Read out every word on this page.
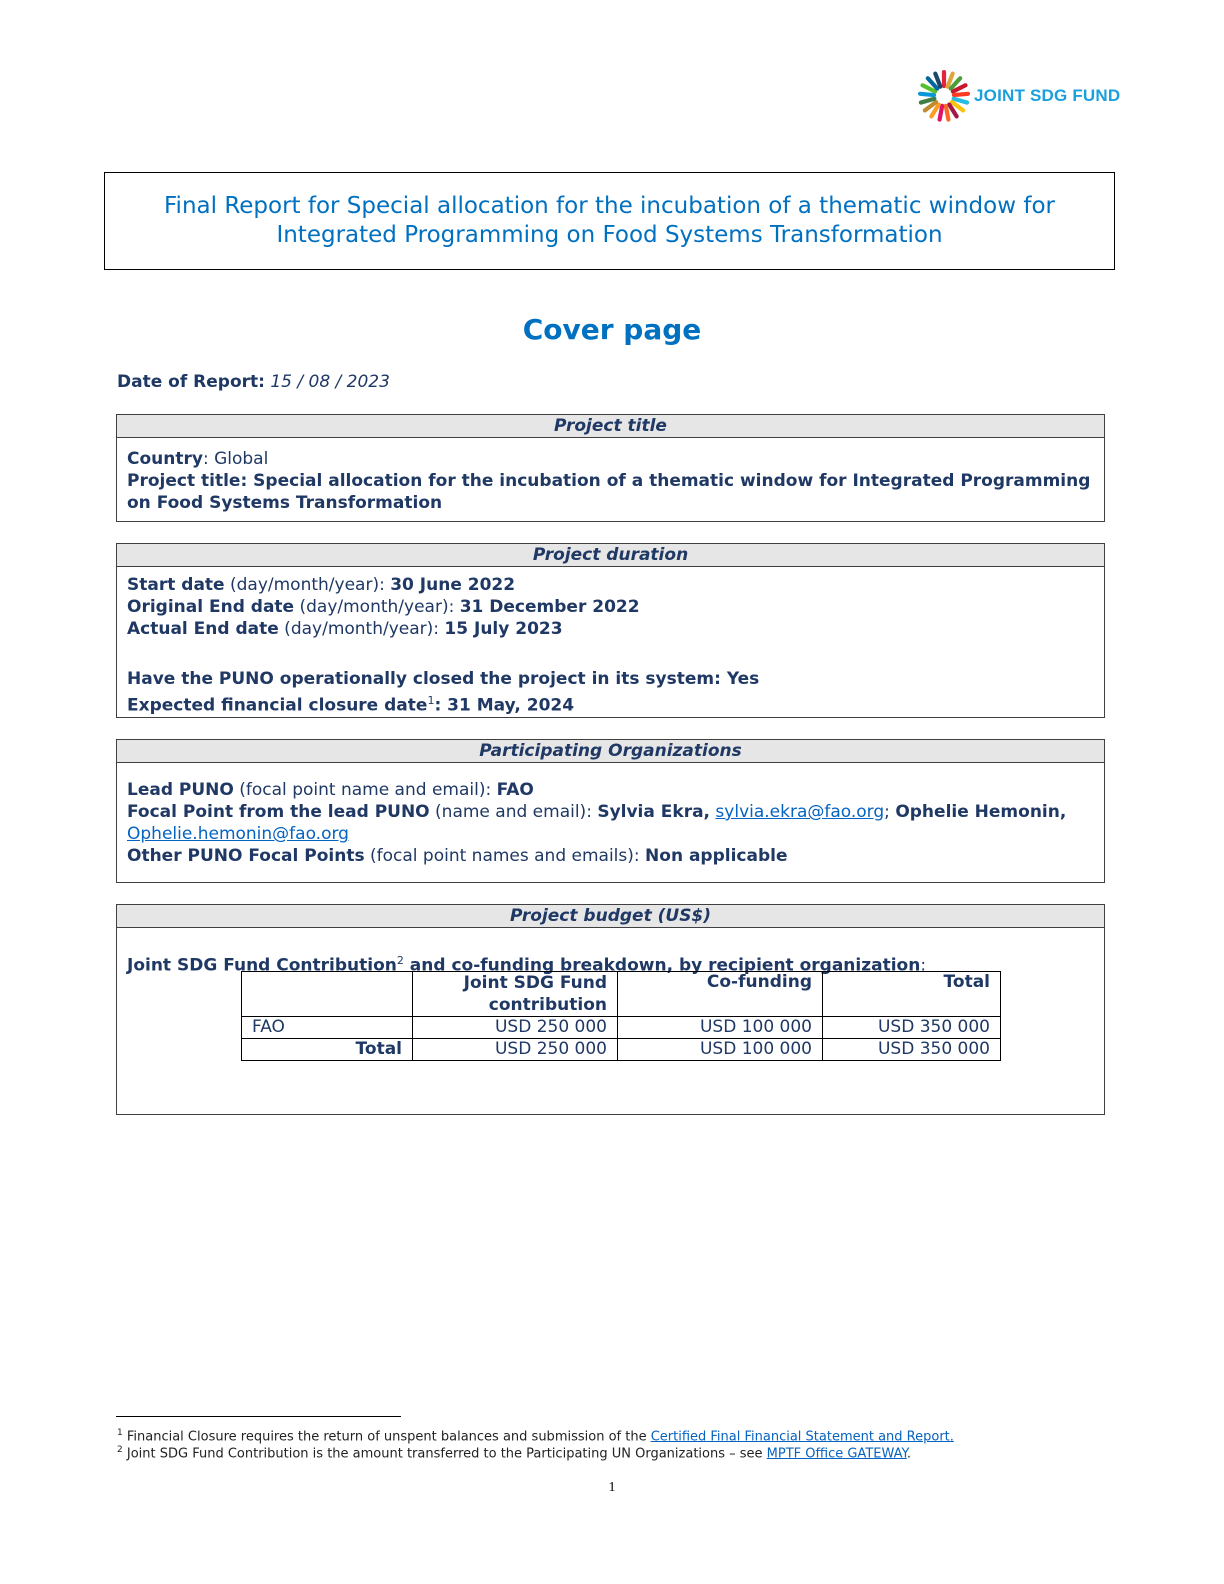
JOINT SDG FUND
Final Report for Special allocation for the incubation of a thematic window for Integrated Programming on Food Systems Transformation
Cover page
Date of Report: 15 / 08 / 2023
Project title
Country: Global
Project title: Special allocation for the incubation of a thematic window for Integrated Programming on Food Systems Transformation
Project duration
Start date (day/month/year): 30 June 2022
Original End date (day/month/year): 31 December 2022
Actual End date (day/month/year): 15 July 2023
Have the PUNO operationally closed the project in its system: Yes
Expected financial closure date$^1$: 31 May, 2024
Participating Organizations
Lead PUNO (focal point name and email): FAO
Focal Point from the lead PUNO (name and email): Sylvia Ekra, sylvia.ekra@fao.org; Ophelie Hemonin, Ophelie.hemonin@fao.org
Other PUNO Focal Points (focal point names and emails): Non applicable
Project budget (US$)
Joint SDG Fund Contribution$^2$ and co-funding breakdown, by recipient organization:
	Joint SDG Fund contribution	Co-funding	Total
FAO	USD 250 000	USD 100 000	USD 350 000
Total	USD 250 000	USD 100 000	USD 350 000
$^1$ Financial Closure requires the return of unspent balances and submission of the Certified Final Financial Statement and Report.
$^2$ Joint SDG Fund Contribution is the amount transferred to the Participating UN Organizations – see MPTF Office GATEWAY.
1
